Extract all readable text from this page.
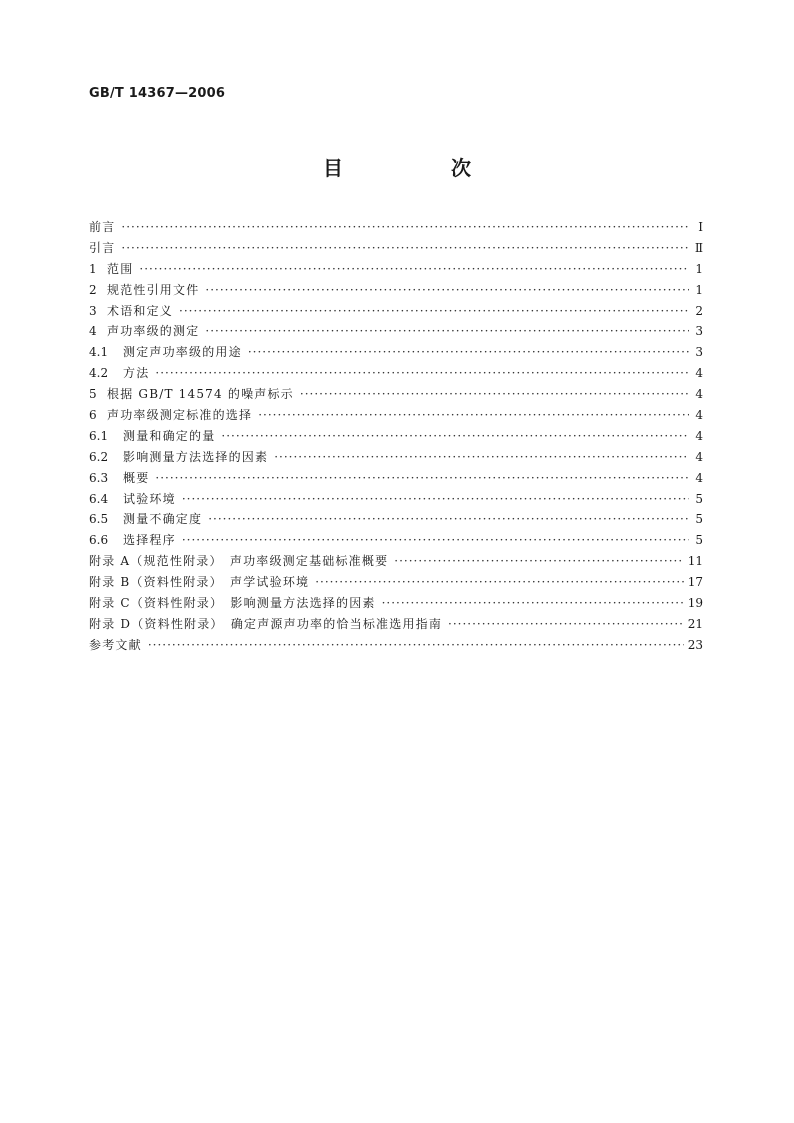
GB/T 14367—2006
目　次
前言 ·····	Ⅰ
引言 ·····	Ⅱ
1 范围 ·····	1
2 规范性引用文件 ·····	1
3 术语和定义 ·····	2
4 声功率级的测定 ·····	3
4.1	测定声功率级的用途 ·····	3
4.2	方法 ·····	4
5 根据 GB/T 14574 的噪声标示 ·····	4
6 声功率级测定标准的选择 ·····	4
6.1	测量和确定的量 ·····	4
6.2	影响测量方法选择的因素 ·····	4
6.3	概要 ·····	4
6.4	试验环境 ·····	5
6.5	测量不确定度 ·····	5
6.6	选择程序 ·····	5
附录 A（规范性附录）　声功率级测定基础标准概要 ·····	11
附录 B（资料性附录）　声学试验环境 ·····	17
附录 C（资料性附录）　影响测量方法选择的因素 ·····	19
附录 D（资料性附录）　确定声源声功率的恰当标准选用指南 ·····	21
参考文献 ·····	23
